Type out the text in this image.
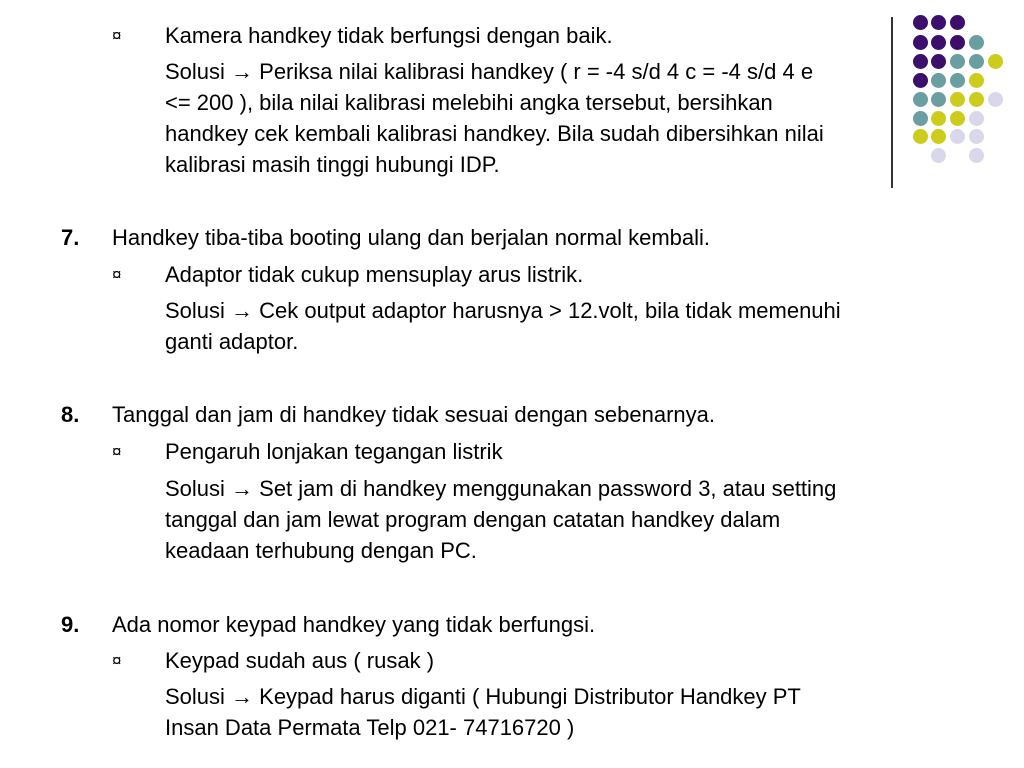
¤ Kamera handkey tidak berfungsi dengan baik.
Solusi → Periksa nilai kalibrasi handkey ( r = -4 s/d 4 c = -4 s/d 4 e
<= 200 ), bila nilai kalibrasi melebihi angka tersebut, bersihkan
handkey cek kembali kalibrasi handkey. Bila sudah dibersihkan nilai
kalibrasi masih tinggi hubungi IDP.
7. Handkey tiba-tiba booting ulang dan berjalan normal kembali.
¤ Adaptor tidak cukup mensuplay arus listrik.
Solusi → Cek output adaptor harusnya > 12.volt, bila tidak memenuhi
ganti adaptor.
8. Tanggal dan jam di handkey tidak sesuai dengan sebenarnya.
¤ Pengaruh lonjakan tegangan listrik
Solusi → Set jam di handkey menggunakan password 3, atau setting
tanggal dan jam lewat program dengan catatan handkey dalam
keadaan terhubung dengan PC.
9. Ada nomor keypad handkey yang tidak berfungsi.
¤ Keypad sudah aus ( rusak )
Solusi → Keypad harus diganti ( Hubungi Distributor Handkey PT
Insan Data Permata Telp 021- 74716720 )
